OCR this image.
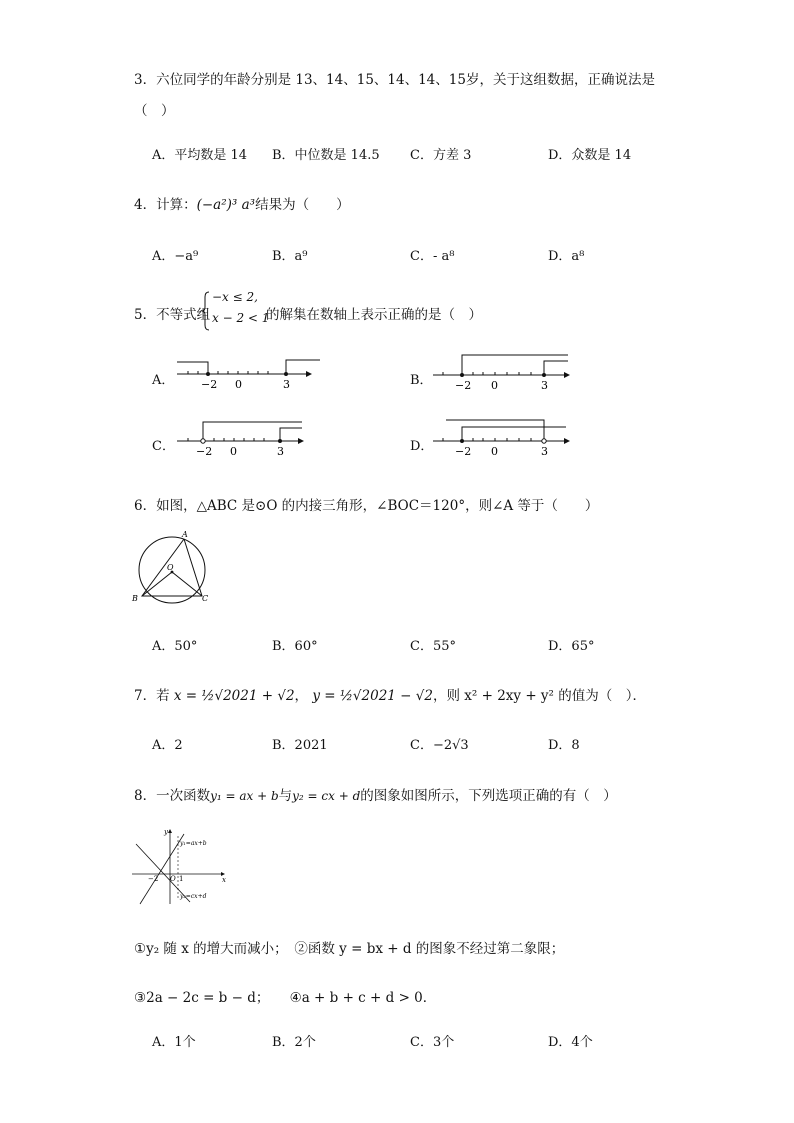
3．六位同学的年龄分别是 13、14、15、14、14、15岁，关于这组数据，正确说法是
（　）
A．平均数是 14 B．中位数是 14.5 C．方差 3	D．众数是 14
4．计算：(−a²)³ a³结果为（　　）
A．−a⁹	B．a⁹	C．- a⁸	D．a⁸
5．不等式组
−x ≤ 2,
x − 2 < 1
的解集在数轴上表示正确的是（　）
A．	B．
C．	D．
−2 0	3	−2 0	3
−2 0	3	−2 0	3
6．如图，△ABC 是⊙O 的内接三角形，∠BOC＝120°，则∠A 等于（　　）
A
O
B	C
A．50°	B．60°	C．55°	D．65°
7．若 x = ½√2021 + √2， y = ½√2021 − √2，则 x² + 2xy + y² 的值为（　）．
A．2	B．2021	C．−2√3	D．8
8．一次函数y₁ = ax + b与y₂ = cx + d的图象如图所示，下列选项正确的有（　）
y
y₁=ax+b
−2 O 1	x
y₂=cx+d
①y₂ 随 x 的增大而减小；　②函数 y = bx + d 的图象不经过第二象限；
③2a − 2c = b − d；　　④a + b + c + d > 0．
A．1个	B．2个	C．3个	D．4个
